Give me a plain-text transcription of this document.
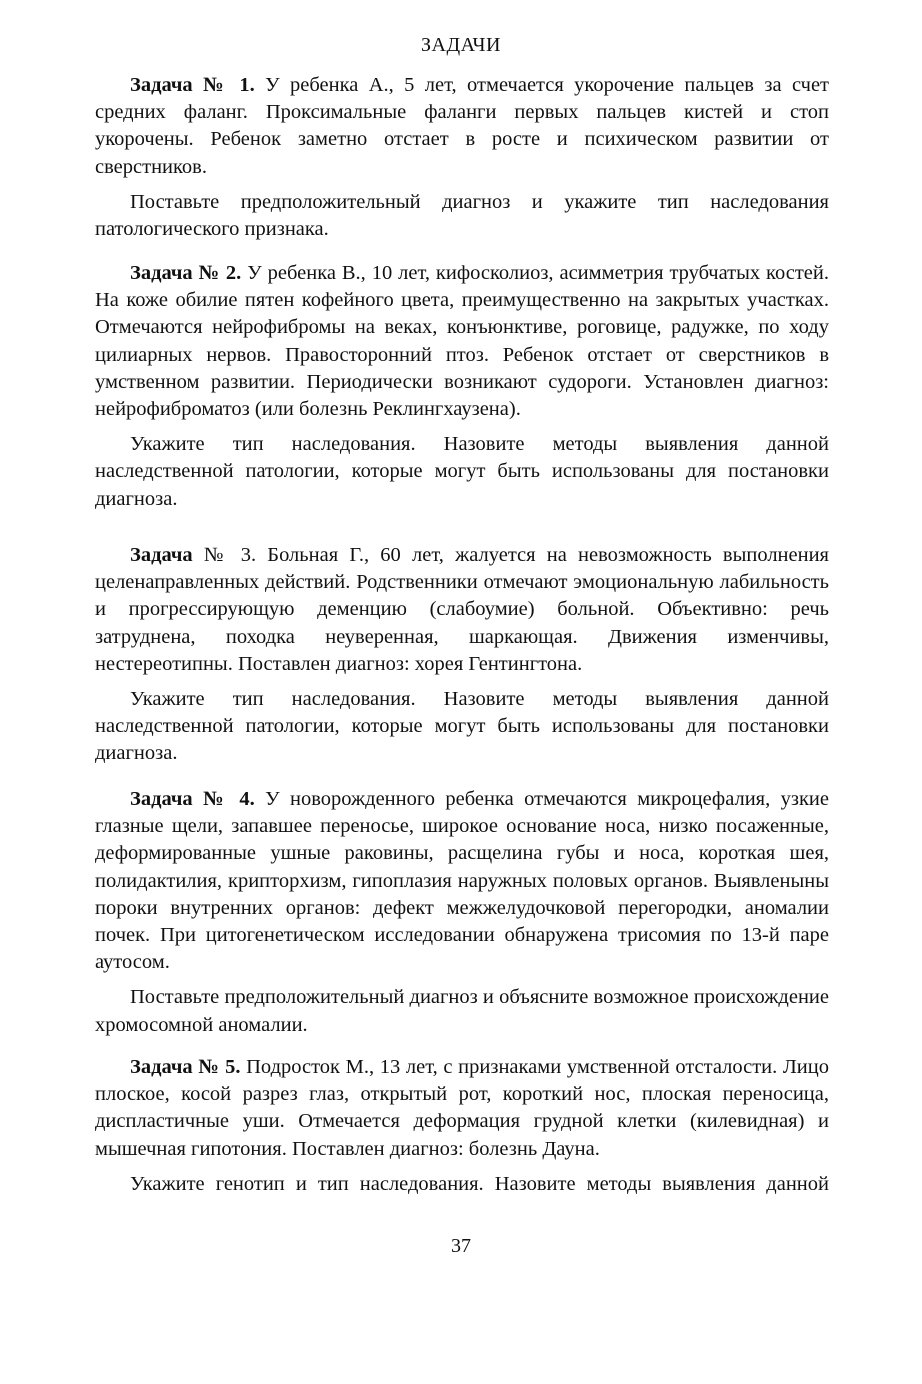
ЗАДАЧИ

Задача № 1. У ребенка А., 5 лет, отмечается укорочение пальцев за счет средних фаланг. Проксимальные фаланги первых пальцев кистей и стоп укорочены. Ребенок заметно отстает в росте и психическом развитии от сверстников.

Поставьте предположительный диагноз и укажите тип наследования патологического признака.

Задача № 2. У ребенка В., 10 лет, кифосколиоз, асимметрия трубчатых костей. На коже обилие пятен кофейного цвета, преимущественно на закрытых участках. Отмечаются нейрофибромы на веках, конъюнктиве, роговице, радужке, по ходу цилиарных нервов. Правосторонний птоз. Ребенок отстает от сверстников в умственном развитии. Периодически возникают судороги. Установлен диагноз: нейрофиброматоз (или болезнь Реклингхаузена).

Укажите тип наследования. Назовите методы выявления данной наследственной патологии, которые могут быть использованы для постановки диагноза.

Задача № 3. Больная Г., 60 лет, жалуется на невозможность выполнения целенаправленных действий. Родственники отмечают эмоциональную лабильность и прогрессирующую деменцию (слабоумие) больной. Объективно: речь затруднена, походка неуверенная, шаркающая. Движения изменчивы, нестереотипны. Поставлен диагноз: хорея Гентингтона.

Укажите тип наследования. Назовите методы выявления данной наследственной патологии, которые могут быть использованы для постановки диагноза.

Задача № 4. У новорожденного ребенка отмечаются микроцефалия, узкие глазные щели, запавшее переносье, широкое основание носа, низко посаженные, деформированные ушные раковины, расщелина губы и носа, короткая шея, полидактилия, крипторхизм, гипоплазия наружных половых органов. Выявленыны пороки внутренних органов: дефект межжелудочковой перегородки, аномалии почек. При цитогенетическом исследовании обнаружена трисомия по 13-й паре аутосом.

Поставьте предположительный диагноз и объясните возможное происхождение хромосомной аномалии.

Задача № 5. Подросток М., 13 лет, с признаками умственной отсталости. Лицо плоское, косой разрез глаз, открытый рот, короткий нос, плоская переносица, диспластичные уши. Отмечается деформация грудной клетки (килевидная) и мышечная гипотония. Поставлен диагноз: болезнь Дауна.

Укажите генотип и тип наследования. Назовите методы выявления данной

37
